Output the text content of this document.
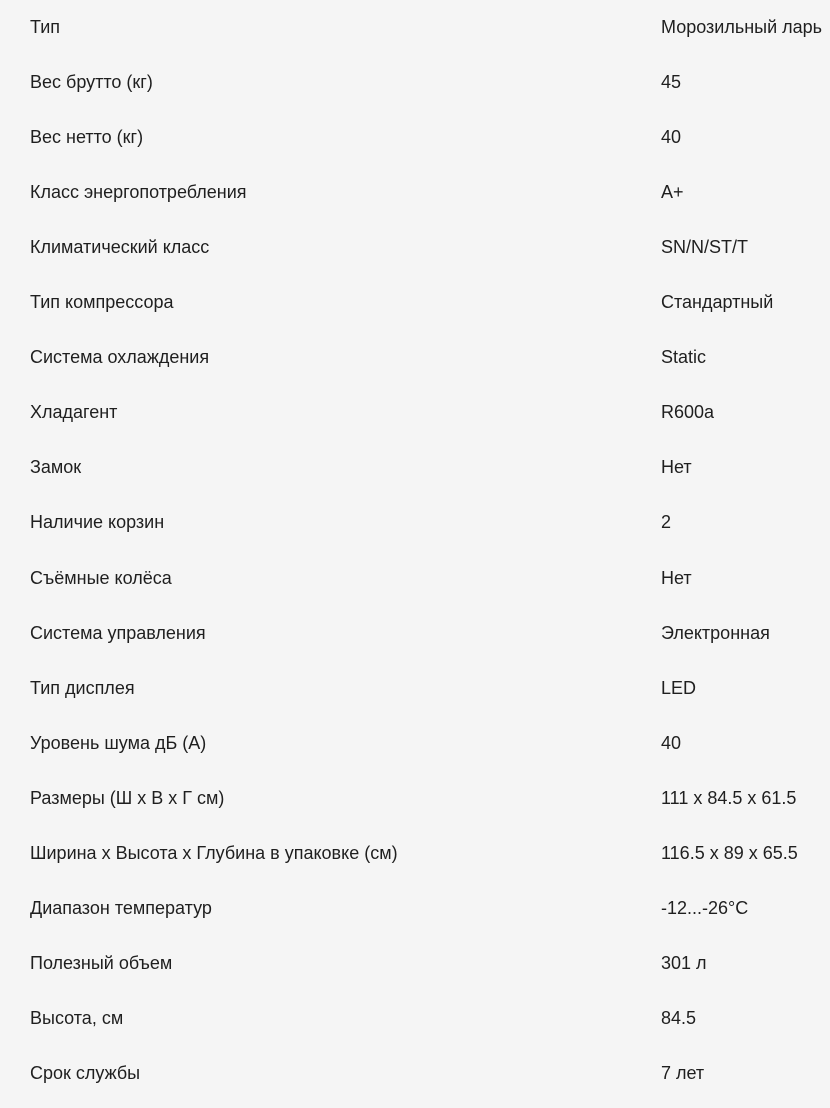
Тип	Морозильный ларь
Вес брутто (кг)	45
Вес нетто (кг)	40
Класс энергопотребления	A+
Климатический класс	SN/N/ST/T
Тип компрессора	Стандартный
Система охлаждения	Static
Хладагент	R600a
Замок	Нет
Наличие корзин	2
Съёмные колёса	Нет
Система управления	Электронная
Тип дисплея	LED
Уровень шума дБ (А)	40
Размеры (Ш х В х Г см)	111 x 84.5 x 61.5
Ширина х Высота х Глубина в упаковке (см)	116.5 x 89 x 65.5
Диапазон температур	-12...-26°C
Полезный объем	301 л
Высота, см	84.5
Срок службы	7 лет
